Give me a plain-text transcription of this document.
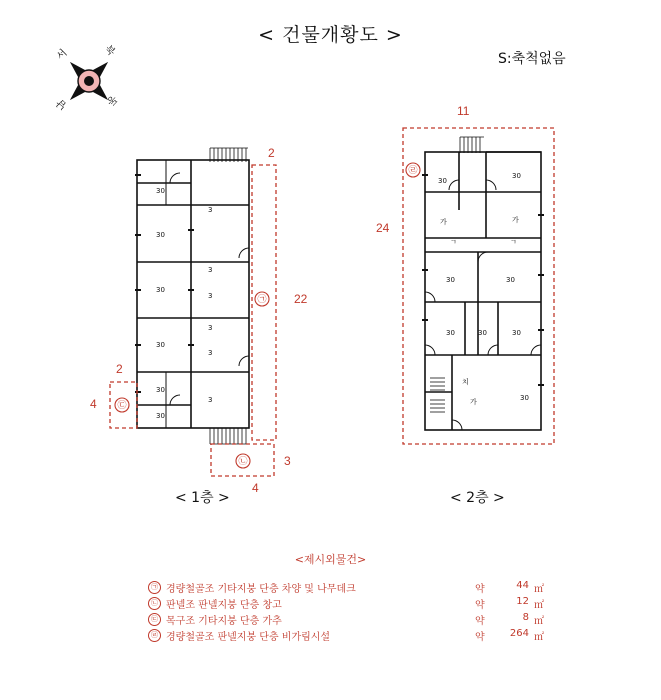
< 건물개황도 >
S:축척없음
북
동
남
서
30
30
30
30
30
30
3
3
3
3
3
3
30
30
가	가
ㄱ	ㄱ
30	30
30	30	30
치
가	30
㉠
㉡
㉢
㉣
2
22
2
4
3
4
11
24
< 1층 >	< 2층 >
<제시외물건>
㉠ 경량철골조 기타지붕 단층 차양 및 나무데크	약	44 ㎡
㉡ 판넬조 판넬지붕 단층 창고	약	12 ㎡
㉢ 목구조 기타지붕 단층 가추	약	8 ㎡
㉣ 경량철골조 판넬지붕 단층 비가림시설	약	264 ㎡
